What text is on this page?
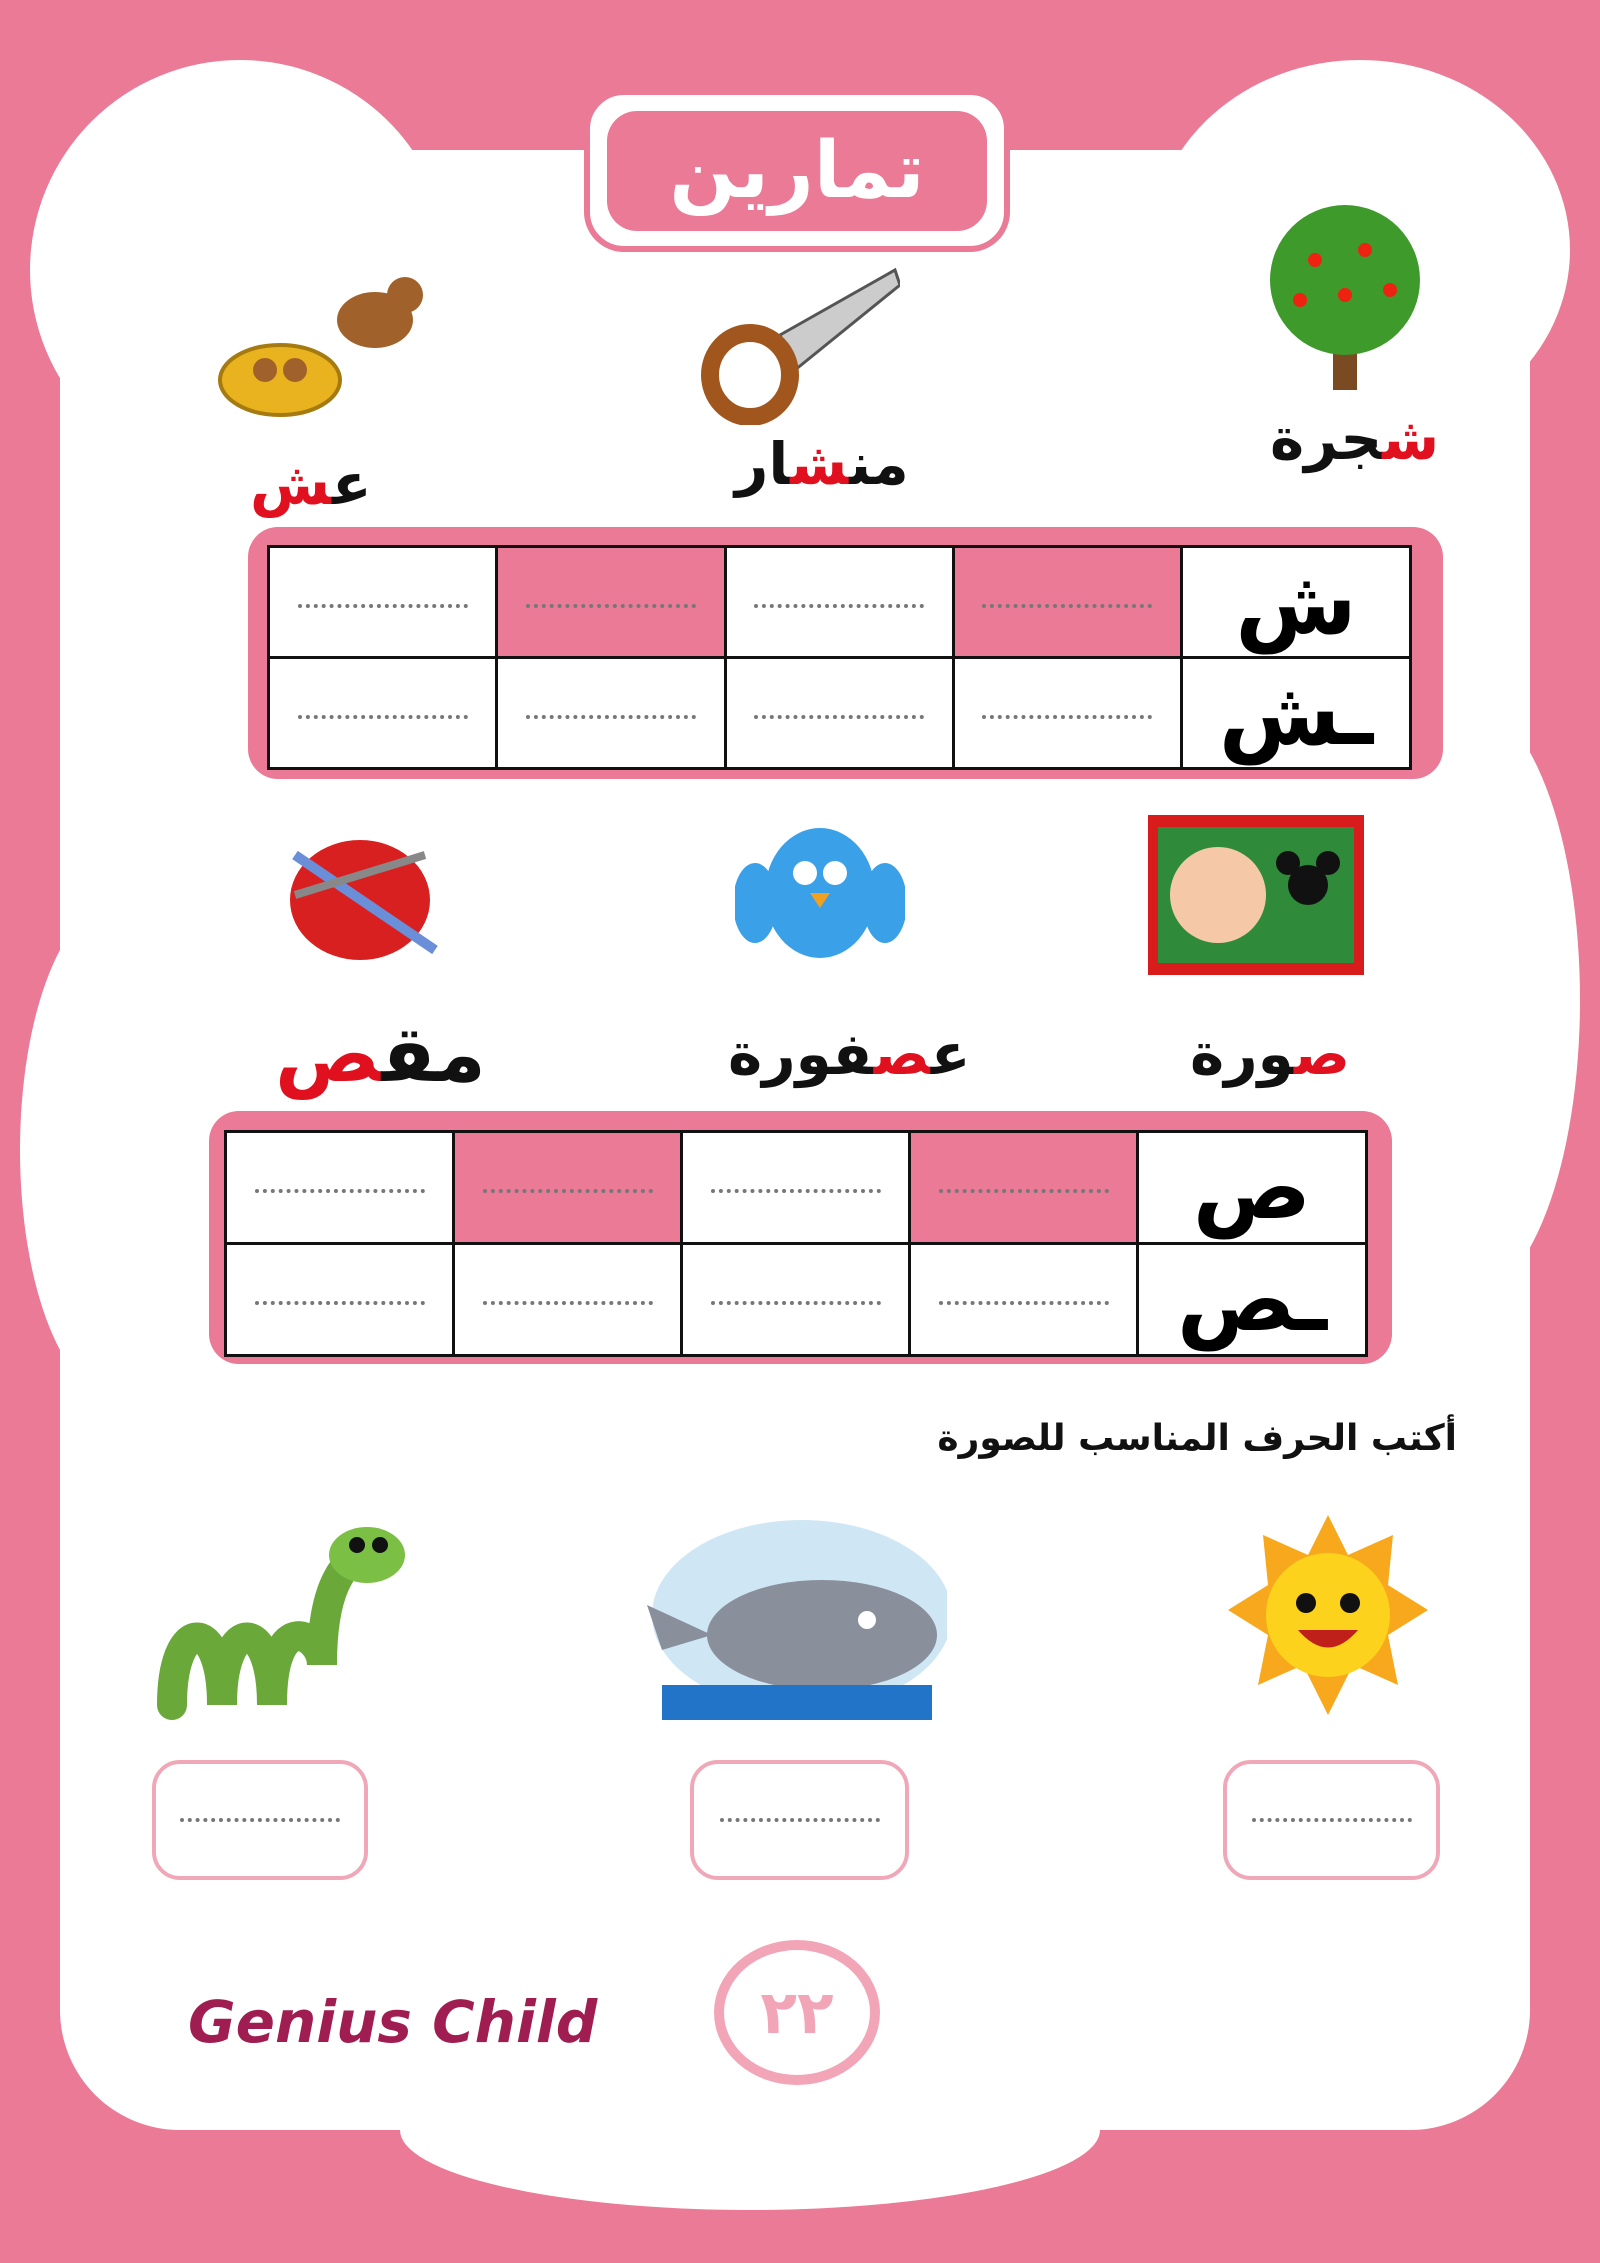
تمارين
شجرة
منشار
عش
ش				
ـش				
صورة
عصفورة
مقص
ص				
ـص				
أكتب الحرف المناسب للصورة
Genius Child	٢٢
